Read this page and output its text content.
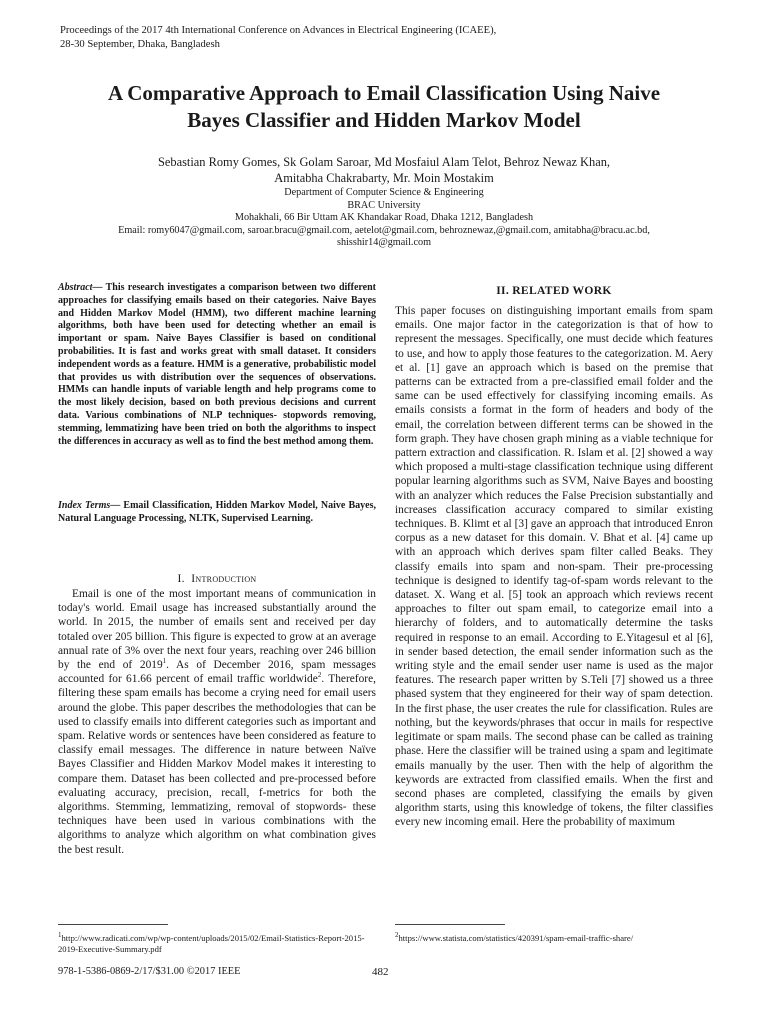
Proceedings of the 2017 4th International Conference on Advances in Electrical Engineering (ICAEE),
28-30 September, Dhaka, Bangladesh
A Comparative Approach to Email Classification Using Naive
Bayes Classifier and Hidden Markov Model
Sebastian Romy Gomes, Sk Golam Saroar, Md Mosfaiul Alam Telot, Behroz Newaz Khan,
Amitabha Chakrabarty, Mr. Moin Mostakim
Department of Computer Science & Engineering
BRAC University
Mohakhali, 66 Bir Uttam AK Khandakar Road, Dhaka 1212, Bangladesh
Email: romy6047@gmail.com, saroar.bracu@gmail.com, aetelot@gmail.com, behroznewaz,@gmail.com, amitabha@bracu.ac.bd,
shisshir14@gmail.com

Abstract— This research investigates a comparison between two different approaches for classifying emails based on their categories. Naive Bayes and Hidden Markov Model (HMM), two different machine learning algorithms, both have been used for detecting whether an email is important or spam. Naive Bayes Classifier is based on conditional probabilities. It is fast and works great with small dataset. It considers independent words as a feature. HMM is a generative, probabilistic model that provides us with distribution over the sequences of observations. HMMs can handle inputs of variable length and help programs come to the most likely decision, based on both previous decisions and current data. Various combinations of NLP techniques- stopwords removing, stemming, lemmatizing have been tried on both the algorithms to inspect the differences in accuracy as well as to find the best method among them.

Index Terms— Email Classification, Hidden Markov Model, Naive Bayes, Natural Language Processing, NLTK, Supervised Learning.

I. Introduction

Email is one of the most important means of communication in today's world. Email usage has increased substantially around the world. In 2015, the number of emails sent and received per day totaled over 205 billion. This figure is expected to grow at an average annual rate of 3% over the next four years, reaching over 246 billion by the end of 2019$^1$. As of December 2016, spam messages accounted for 61.66 percent of email traffic worldwide$^2$. Therefore, filtering these spam emails has become a crying need for email users around the globe. This paper describes the methodologies that can be used to classify emails into different categories such as important and spam. Relative words or sentences have been considered as feature to classify email messages. The difference in nature between Naïve Bayes Classifier and Hidden Markov Model makes it interesting to compare them. Dataset has been collected and pre-processed before evaluating accuracy, precision, recall, f-metrics for both the algorithms. Stemming, lemmatizing, removal of stopwords- these techniques have been used in various combinations with the algorithms to analyze which algorithm on what combination gives the best result.

II. RELATED WORK

This paper focuses on distinguishing important emails from spam emails. One major factor in the categorization is that of how to represent the messages. Specifically, one must decide which features to use, and how to apply those features to the categorization. M. Aery et al. [1] gave an approach which is based on the premise that patterns can be extracted from a pre-classified email folder and the same can be used effectively for classifying incoming emails. As emails consists a format in the form of headers and body of the email, the correlation between different terms can be showed in the form graph. They have chosen graph mining as a viable technique for pattern extraction and classification. R. Islam et al. [2] showed a way which proposed a multi-stage classification technique using different popular learning algorithms such as SVM, Naive Bayes and boosting with an analyzer which reduces the False Precision substantially and increases classification accuracy compared to similar existing techniques. B. Klimt et al [3] gave an approach that introduced Enron corpus as a new dataset for this domain. V. Bhat et al. [4] came up with an approach which derives spam filter called Beaks. They classify emails into spam and non-spam. Their pre-processing technique is designed to identify tag-of-spam words relevant to the dataset. X. Wang et al. [5] took an approach which reviews recent approaches to filter out spam email, to categorize email into a hierarchy of folders, and to automatically determine the tasks required in response to an email. According to E.Yitagesul et al [6], in sender based detection, the email sender information such as the writing style and the email sender user name is used as the major features. The research paper written by S.Teli [7] showed us a three phased system that they engineered for their way of spam detection. In the first phase, the user creates the rule for classification. Rules are nothing, but the keywords/phrases that occur in mails for respective legitimate or spam mails. The second phase can be called as training phase. Here the classifier will be trained using a spam and legitimate emails manually by the user. Then with the help of algorithm the keywords are extracted from classified emails. When the first and second phases are completed, classifying the emails by given algorithm starts, using this knowledge of tokens, the filter classifies every new incoming email. Here the probability of maximum

$^1$http://www.radicati.com/wp/wp-content/uploads/2015/02/Email-Statistics-Report-2015-2019-Executive-Summary.pdf
$^2$https://www.statista.com/statistics/420391/spam-email-traffic-share/
978-1-5386-0869-2/17/$31.00 ©2017 IEEE	482
